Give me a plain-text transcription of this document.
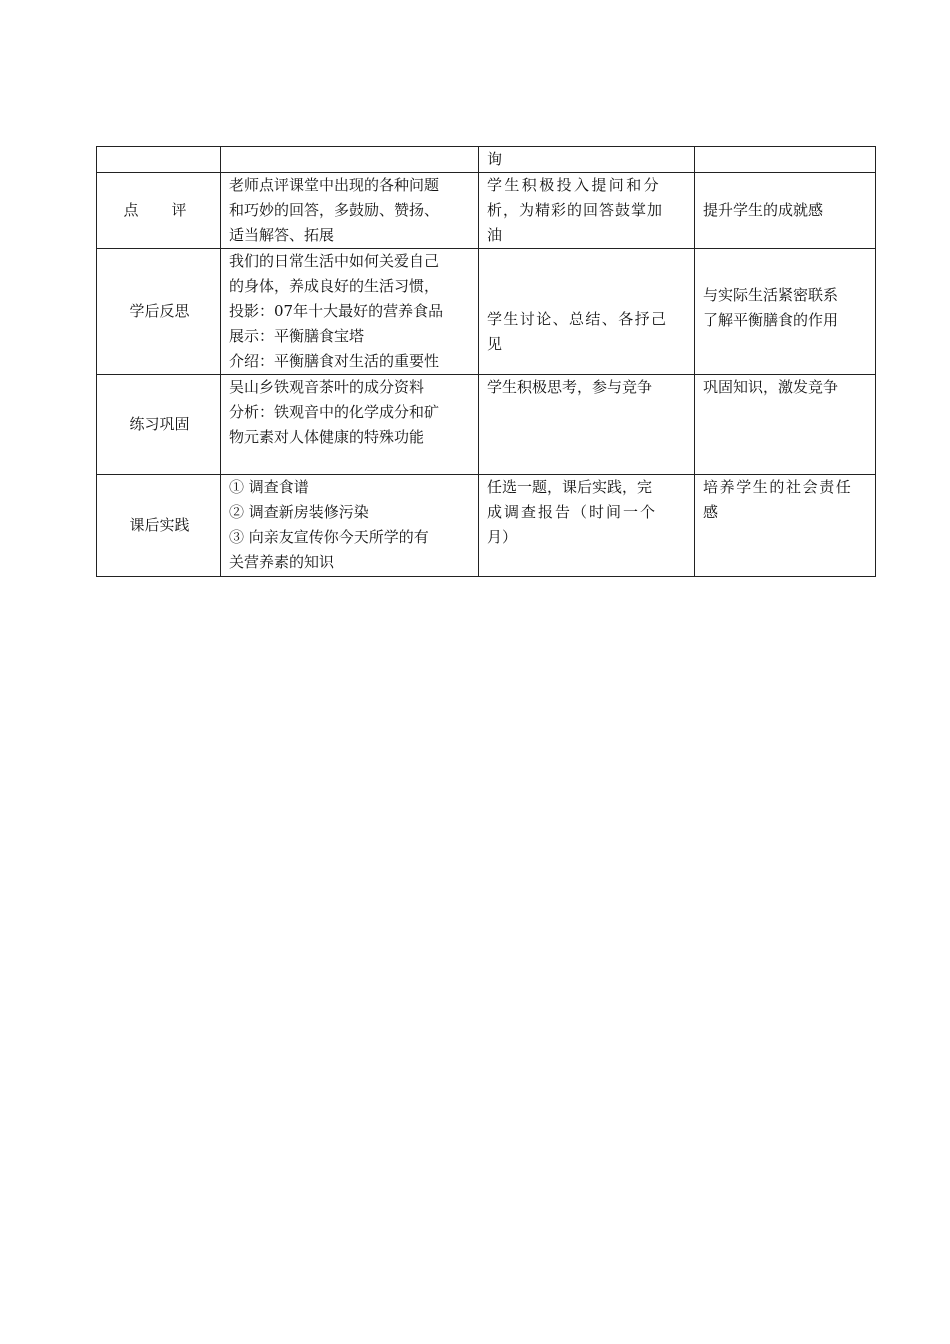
		询	

点　评	老师点评课堂中出现的各种问题
和巧妙的回答，多鼓励、赞扬、
适当解答、拓展	学生积极投入提问和分
析，为精彩的回答鼓掌加
油	提升学生的成就感

学后反思	我们的日常生活中如何关爱自己
的身体，养成良好的生活习惯，
投影：07年十大最好的营养食品
展示：平衡膳食宝塔
介绍：平衡膳食对生活的重要性	学生讨论、总结、各抒己
见	与实际生活紧密联系
了解平衡膳食的作用

练习巩固	吴山乡铁观音茶叶的成分资料
分析：铁观音中的化学成分和矿
物元素对人体健康的特殊功能	学生积极思考，参与竞争	巩固知识，激发竞争

课后实践	① 调查食谱
② 调查新房装修污染
③ 向亲友宣传你今天所学的有
关营养素的知识	任选一题，课后实践，完
成调查报告（时间一个
月）	培养学生的社会责任
感
